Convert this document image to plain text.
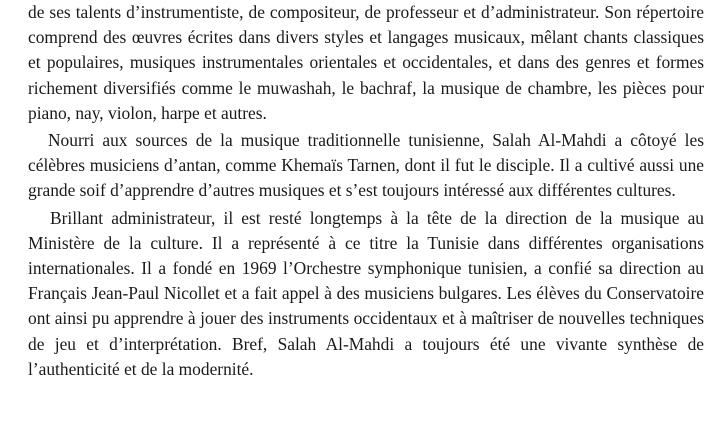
de ses talents d’instrumentiste, de compositeur, de professeur et d’administrateur. Son répertoire comprend des œuvres écrites dans divers styles et langages musicaux, mêlant chants classiques et populaires, musiques instrumentales orientales et occidentales, et dans des genres et formes richement diversifiés comme le muwashah, le bachraf, la musique de chambre, les pièces pour piano, nay, violon, harpe et autres.

Nourri aux sources de la musique traditionnelle tunisienne, Salah Al-Mahdi a côtoyé les célèbres musiciens d’antan, comme Khemaïs Tarnen, dont il fut le disciple. Il a cultivé aussi une grande soif d’apprendre d’autres musiques et s’est toujours intéressé aux différentes cultures.

Brillant administrateur, il est resté longtemps à la tête de la direction de la musique au Ministère de la culture. Il a représenté à ce titre la Tunisie dans différentes organisations internationales. Il a fondé en 1969 l’Orchestre symphonique tunisien, a confié sa direction au Français Jean-Paul Nicollet et a fait appel à des musiciens bulgares. Les élèves du Conservatoire ont ainsi pu apprendre à jouer des instruments occidentaux et à maîtriser de nouvelles techniques de jeu et d’interprétation. Bref, Salah Al-Mahdi a toujours été une vivante synthèse de l’authenticité et de la modernité.
